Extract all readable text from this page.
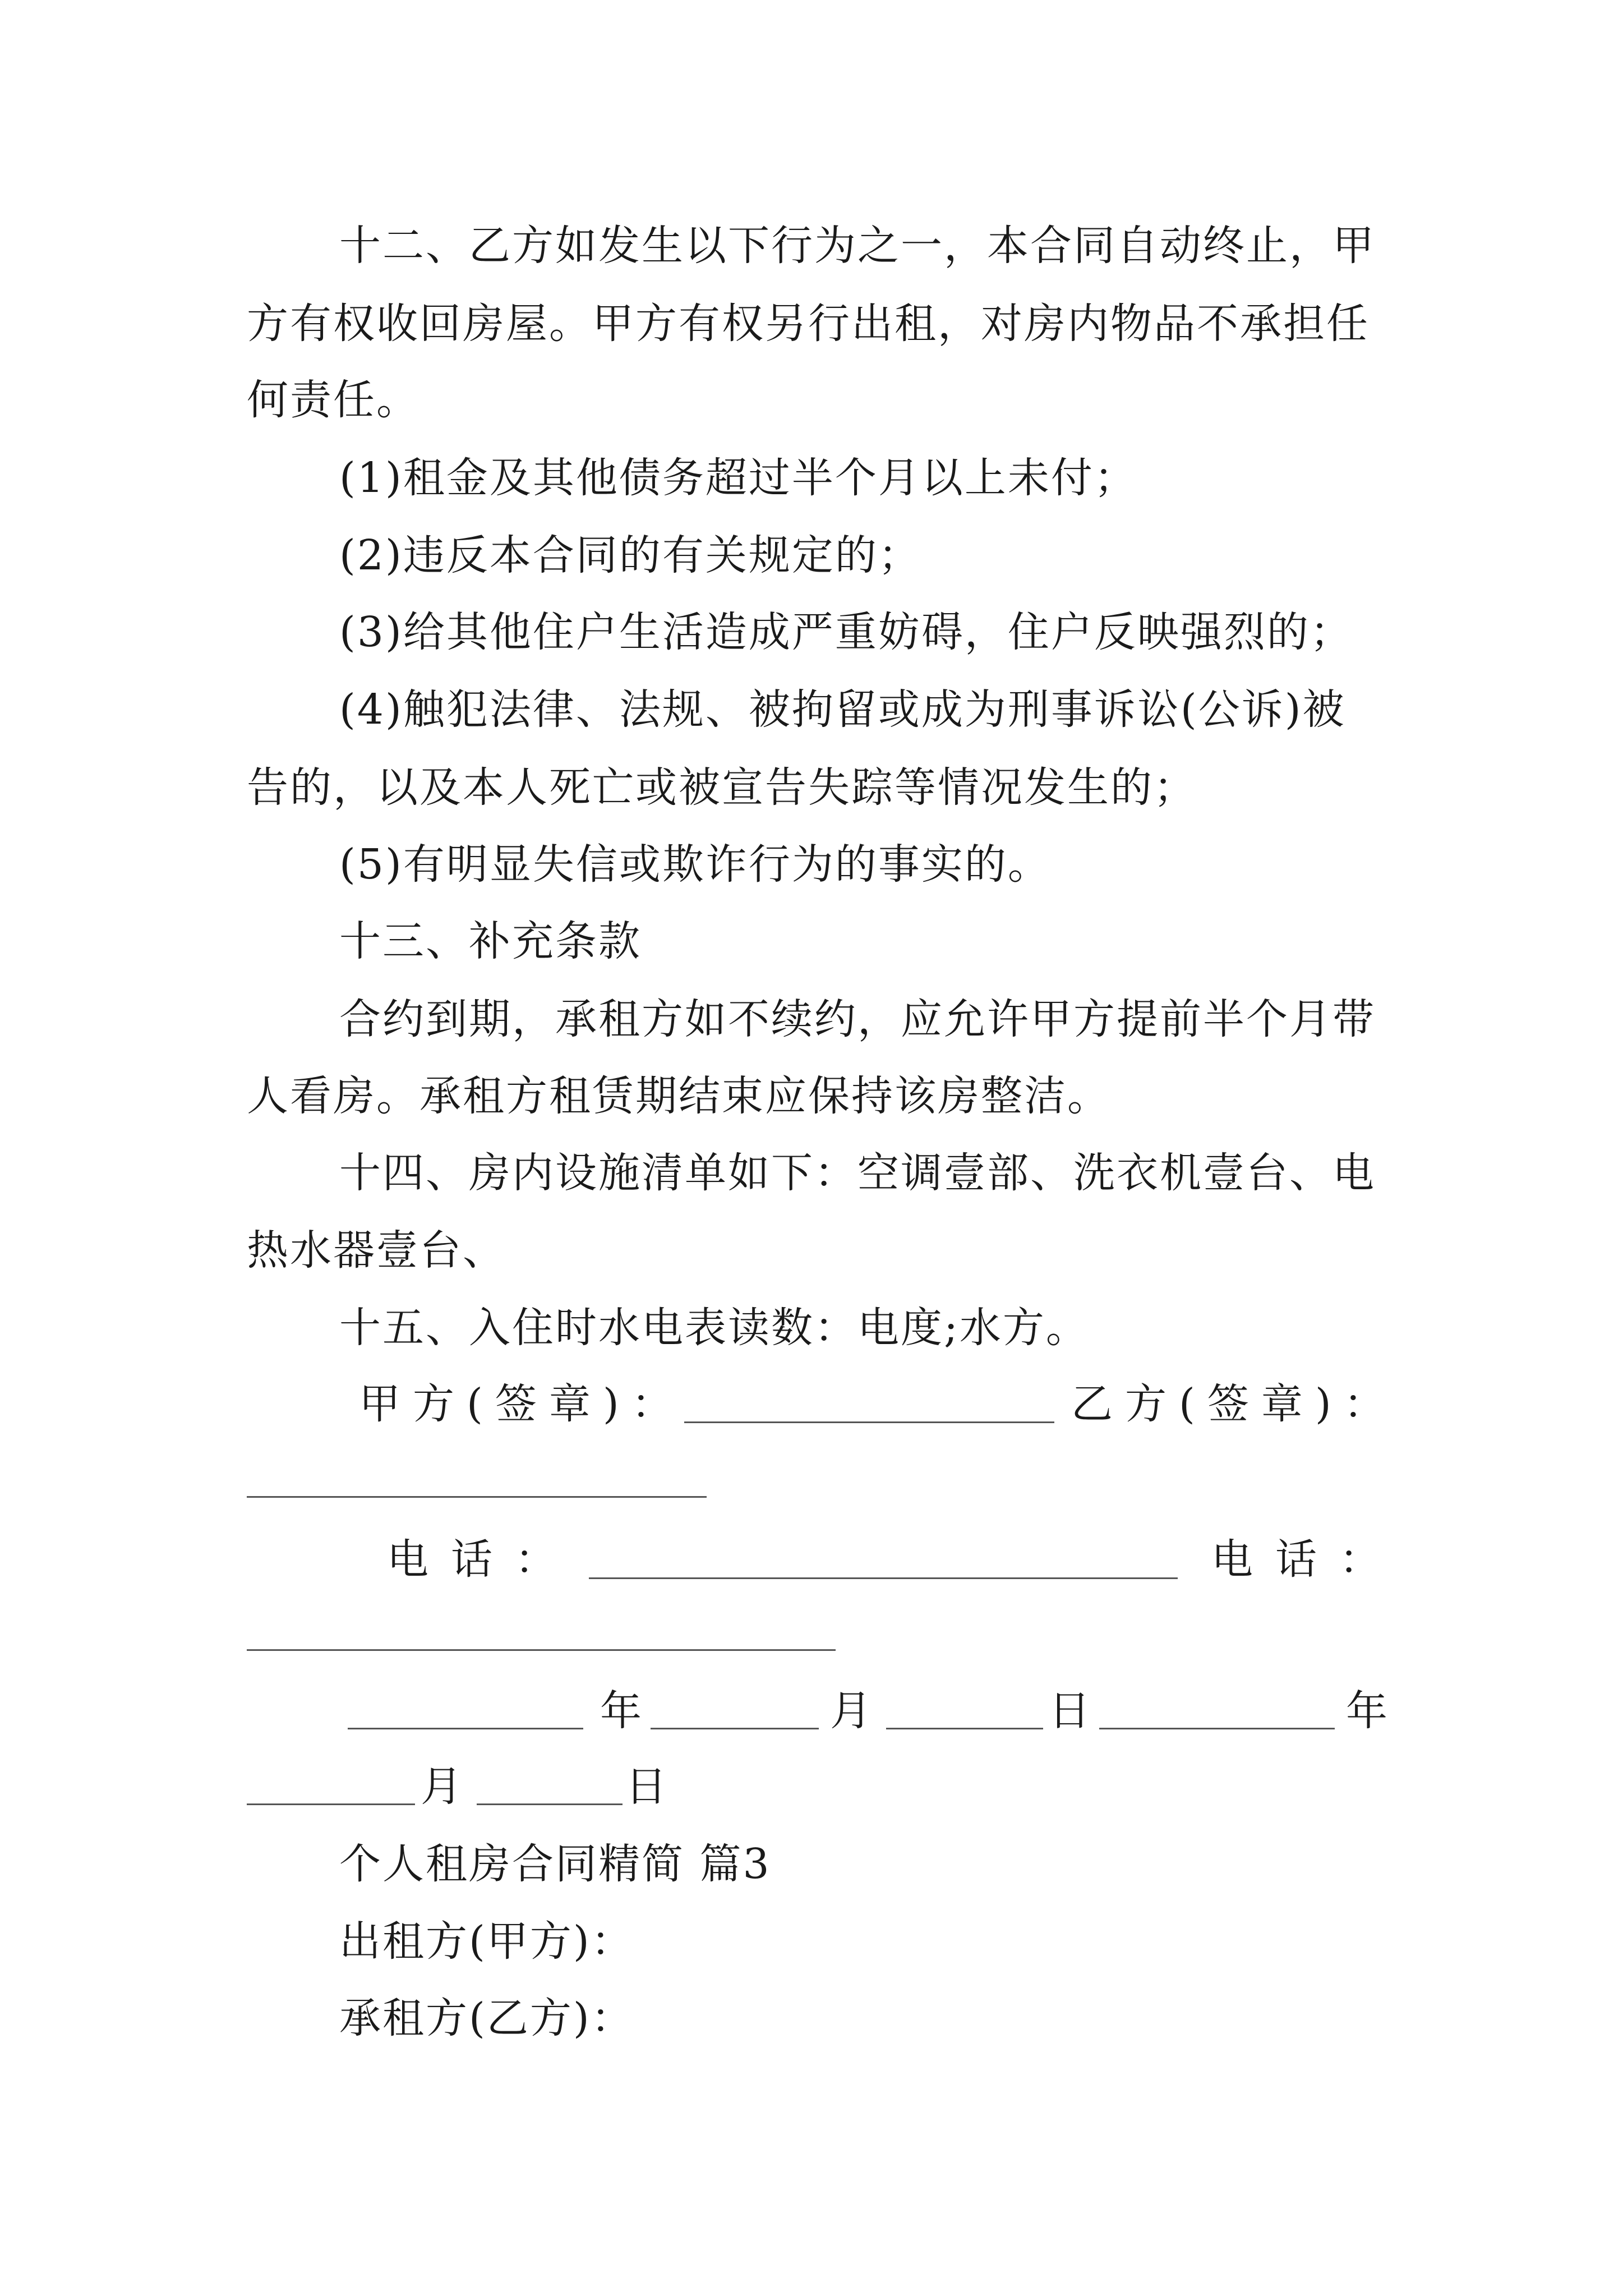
十二、乙方如发生以下行为之一，本合同自动终止，甲
方有权收回房屋。甲方有权另行出租，对房内物品不承担任
何责任。
(1)租金及其他债务超过半个月以上未付；
(2)违反本合同的有关规定的；
(3)给其他住户生活造成严重妨碍，住户反映强烈的；
(4)触犯法律、法规、被拘留或成为刑事诉讼(公诉)被
告的，以及本人死亡或被宣告失踪等情况发生的；
(5)有明显失信或欺诈行为的事实的。
十三、补充条款
合约到期，承租方如不续约，应允许甲方提前半个月带
人看房。承租方租赁期结束应保持该房整洁。
十四、房内设施清单如下：空调壹部、洗衣机壹台、电
热水器壹台、
十五、入住时水电表读数：电度;水方。
甲方(签章)：	乙方(签章)：
电话：	电话：
年	月	日	年
月	日
个人租房合同精简 篇3
出租方(甲方)：
承租方(乙方)：
